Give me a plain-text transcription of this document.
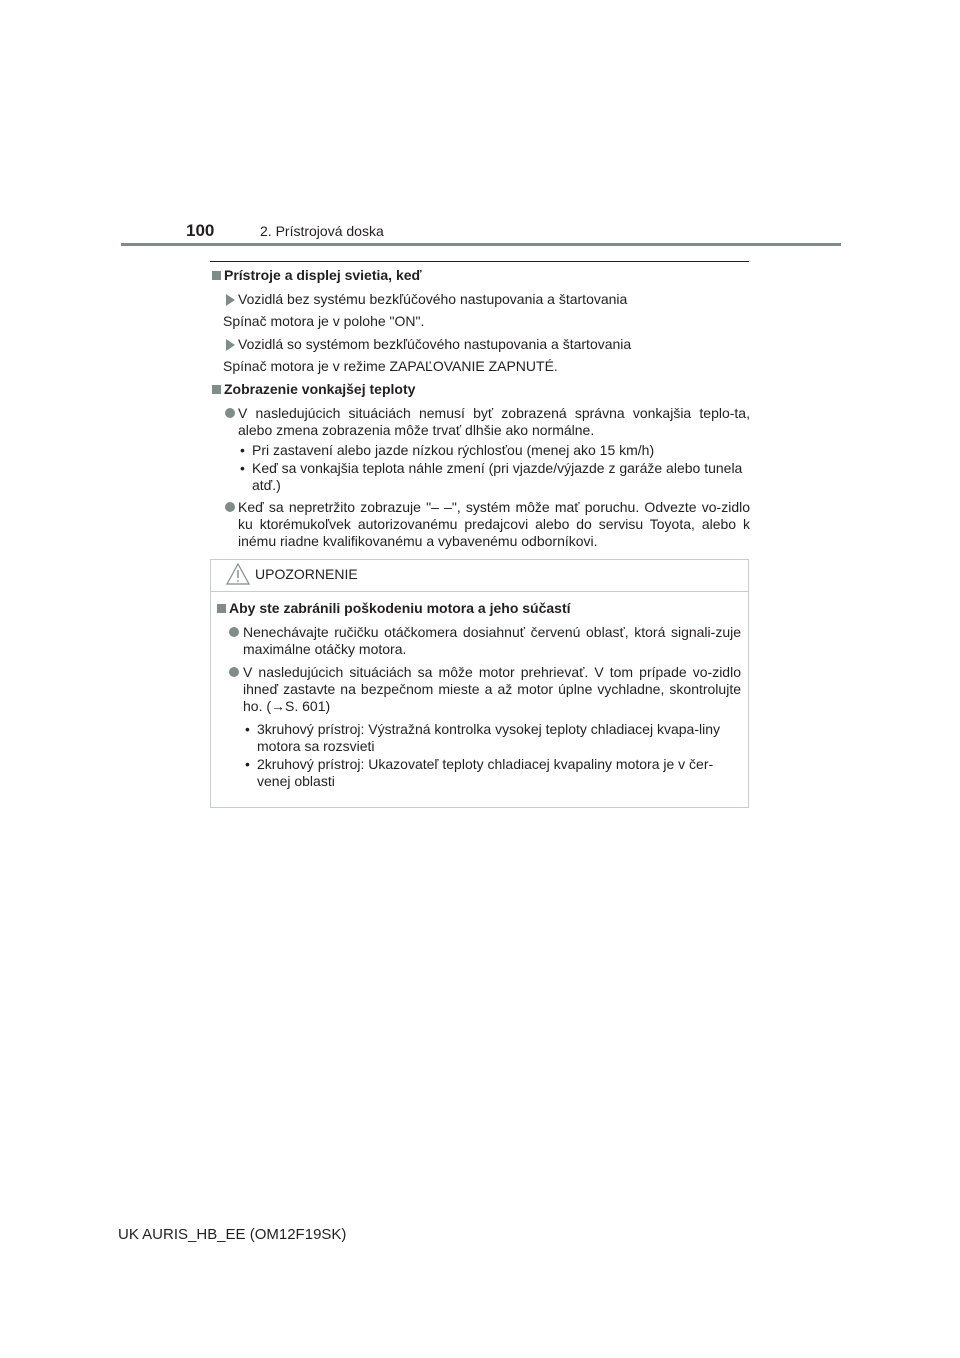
100	2. Prístrojová doska
Prístroje a displej svietia, keď
Vozidlá bez systému bezkľúčového nastupovania a štartovania
Spínač motora je v polohe "ON".
Vozidlá so systémom bezkľúčového nastupovania a štartovania
Spínač motora je v režime ZAPAĽOVANIE ZAPNUTÉ.
Zobrazenie vonkajšej teploty
V nasledujúcich situáciách nemusí byť zobrazená správna vonkajšia teplo-ta, alebo zmena zobrazenia môže trvať dlhšie ako normálne.
• Pri zastavení alebo jazde nízkou rýchlosťou (menej ako 15 km/h)
• Keď sa vonkajšia teplota náhle zmení (pri vjazde/výjazde z garáže alebo tunela atď.)
Keď sa nepretržito zobrazuje "– –", systém môže mať poruchu. Odvezte vo-zidlo ku ktorémukoľvek autorizovanému predajcovi alebo do servisu Toyota, alebo k inému riadne kvalifikovanému a vybavenému odborníkovi.
UPOZORNENIE
Aby ste zabránili poškodeniu motora a jeho súčastí
Nenechávajte ručičku otáčkomera dosiahnuť červenú oblasť, ktorá signali-zuje maximálne otáčky motora.
V nasledujúcich situáciách sa môže motor prehrievať. V tom prípade vo-zidlo ihneď zastavte na bezpečnom mieste a až motor úplne vychladne, skontrolujte ho. (→S. 601)
• 3kruhový prístroj: Výstražná kontrolka vysokej teploty chladiacej kvapa-liny motora sa rozsvieti
• 2kruhový prístroj: Ukazovateľ teploty chladiacej kvapaliny motora je v čer-venej oblasti
UK AURIS_HB_EE (OM12F19SK)
